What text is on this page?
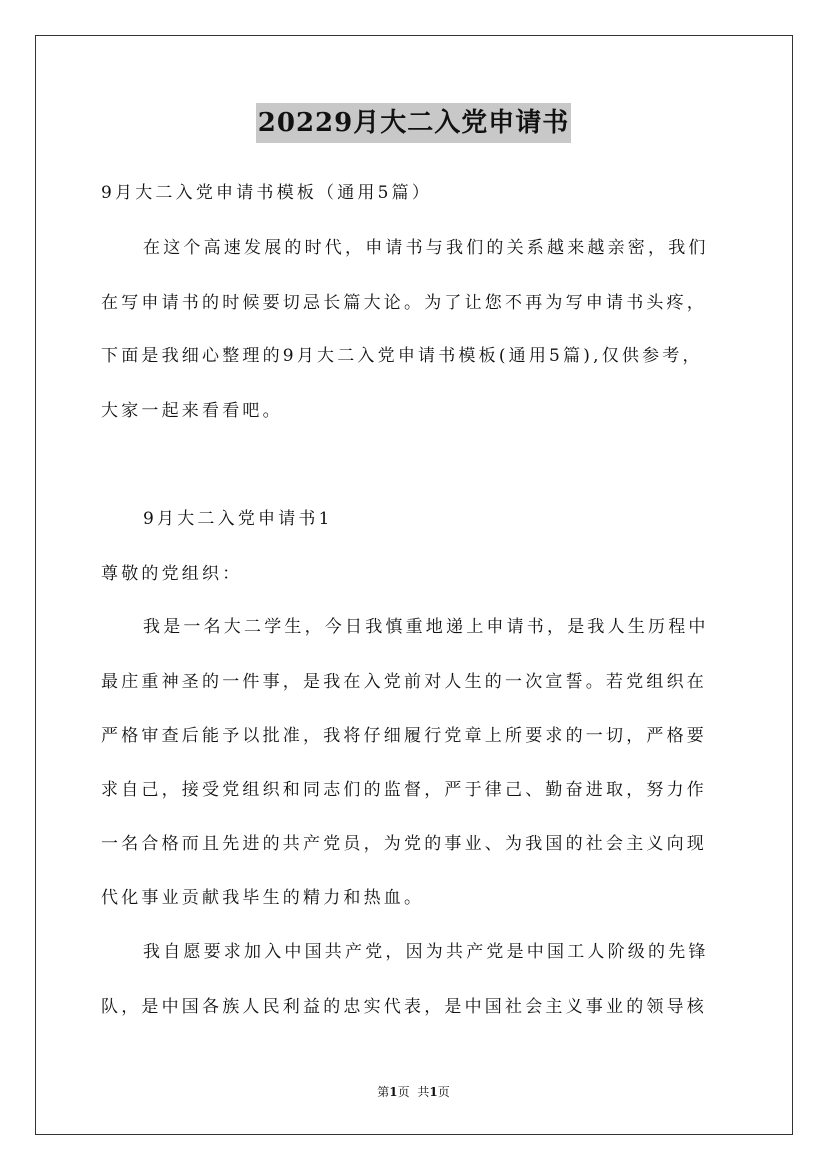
20229月大二入党申请书
9月大二入党申请书模板（通用5篇）
在这个高速发展的时代，申请书与我们的关系越来越亲密，我们
在写申请书的时候要切忌长篇大论。为了让您不再为写申请书头疼，
下面是我细心整理的9月大二入党申请书模板(通用5篇),仅供参考，
大家一起来看看吧。
9月大二入党申请书1
尊敬的党组织：
我是一名大二学生，今日我慎重地递上申请书，是我人生历程中
最庄重神圣的一件事，是我在入党前对人生的一次宣誓。若党组织在
严格审查后能予以批准，我将仔细履行党章上所要求的一切，严格要
求自己，接受党组织和同志们的监督，严于律己、勤奋进取，努力作
一名合格而且先进的共产党员，为党的事业、为我国的社会主义向现
代化事业贡献我毕生的精力和热血。
我自愿要求加入中国共产党，因为共产党是中国工人阶级的先锋
队，是中国各族人民利益的忠实代表，是中国社会主义事业的领导核
第1页 共1页
